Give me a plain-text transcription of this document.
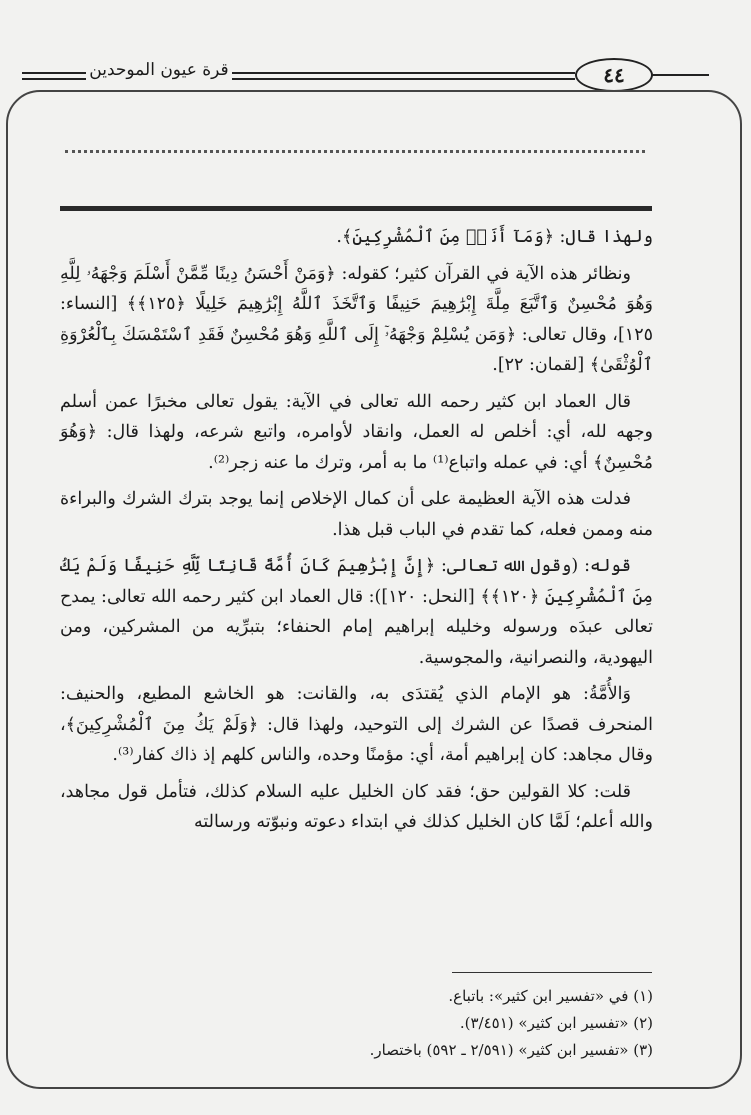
قرة عيون الموحدين	٤٤

ولهذا قال: ﴿وَمَآ أَنَا۠ مِنَ ٱلْمُشْرِكِينَ﴾.

ونظائر هذه الآية في القرآن كثير؛ كقوله: ﴿وَمَنْ أَحْسَنُ دِينًا مِّمَّنْ أَسْلَمَ وَجْهَهُۥ لِلَّهِ وَهُوَ مُحْسِنٌ وَٱتَّبَعَ مِلَّةَ إِبْرَٰهِيمَ حَنِيفًا وَٱتَّخَذَ ٱللَّهُ إِبْرَٰهِيمَ خَلِيلًا ﴿١٢٥﴾﴾ [النساء: ١٢٥]، وقال تعالى: ﴿وَمَن يُسْلِمْ وَجْهَهُۥٓ إِلَى ٱللَّهِ وَهُوَ مُحْسِنٌ فَقَدِ ٱسْتَمْسَكَ بِٱلْعُرْوَةِ ٱلْوُثْقَىٰ﴾ [لقمان: ٢٢].

قال العماد ابن كثير رحمه الله تعالى في الآية: يقول تعالى مخبرًا عمن أسلم وجهه لله، أي: أخلص له العمل، وانقاد لأوامره، واتبع شرعه، ولهذا قال: ﴿وَهُوَ مُحْسِنٌ﴾ أي: في عمله واتباع⁽¹⁾ ما به أمر، وترك ما عنه زجر⁽²⁾.

فدلت هذه الآية العظيمة على أن كمال الإخلاص إنما يوجد بترك الشرك والبراءة منه وممن فعله، كما تقدم في الباب قبل هذا.

قوله: (وقول الله تعالى: ﴿إِنَّ إِبْرَٰهِيمَ كَانَ أُمَّةً قَانِتًا لِّلَّهِ حَنِيفًا وَلَمْ يَكُ مِنَ ٱلْمُشْرِكِينَ ﴿١٢٠﴾﴾ [النحل: ١٢٠]): قال العماد ابن كثير رحمه الله تعالى: يمدح تعالى عبدَه ورسوله وخليله إبراهيم إمام الحنفاء؛ بتبرِّيه من المشركين، ومن اليهودية، والنصرانية، والمجوسية.

وَالأُمَّةُ: هو الإمام الذي يُقتدَى به، والقانت: هو الخاشع المطيع، والحنيف: المنحرف قصدًا عن الشرك إلى التوحيد، ولهذا قال: ﴿وَلَمْ يَكُ مِنَ ٱلْمُشْرِكِينَ﴾، وقال مجاهد: كان إبراهيم أمة، أي: مؤمنًا وحده، والناس كلهم إذ ذاك كفار⁽³⁾.

قلت: كلا القولين حق؛ فقد كان الخليل عليه السلام كذلك، فتأمل قول مجاهد، والله أعلم؛ لَمَّا كان الخليل كذلك في ابتداء دعوته ونبوّته ورسالته

(١) في «تفسير ابن كثير»: باتباع.
(٢) «تفسير ابن كثير» (٣/٤٥١).
(٣) «تفسير ابن كثير» (٢/٥٩١ ـ ٥٩٢) باختصار.
